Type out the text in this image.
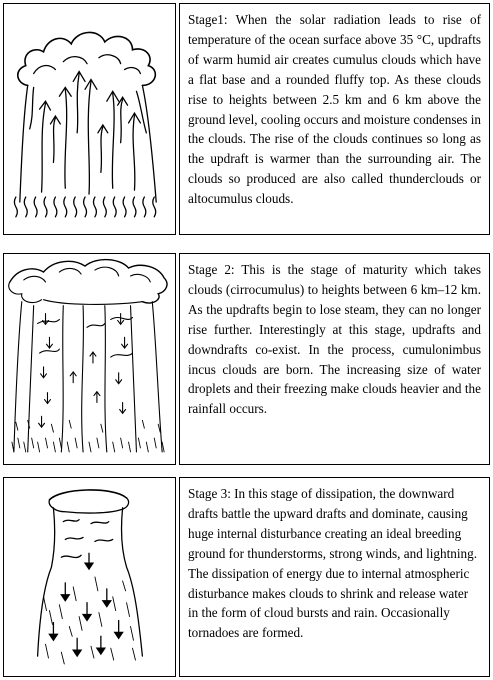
Stage1: When the solar radiation leads to rise of temperature of the ocean surface above 35 °C, updrafts of warm humid air creates cumulus clouds which have a flat base and a rounded fluffy top. As these clouds rise to heights between 2.5 km and 6 km above the ground level, cooling occurs and moisture condenses in the clouds. The rise of the clouds continues so long as the updraft is warmer than the surrounding air. The clouds so produced are also called thunderclouds or altocumulus clouds.

Stage 2: This is the stage of maturity which takes clouds (cirrocumulus) to heights between 6 km–12 km. As the updrafts begin to lose steam, they can no longer rise further. Interestingly at this stage, updrafts and downdrafts co-exist. In the process, cumulonimbus incus clouds are born. The increasing size of water droplets and their freezing make clouds heavier and the rainfall occurs.

Stage 3: In this stage of dissipation, the downward drafts battle the upward drafts and dominate, causing huge internal disturbance creating an ideal breeding ground for thunderstorms, strong winds, and lightning. The dissipation of energy due to internal atmospheric disturbance makes clouds to shrink and release water in the form of cloud bursts and rain. Occasionally tornadoes are formed.
